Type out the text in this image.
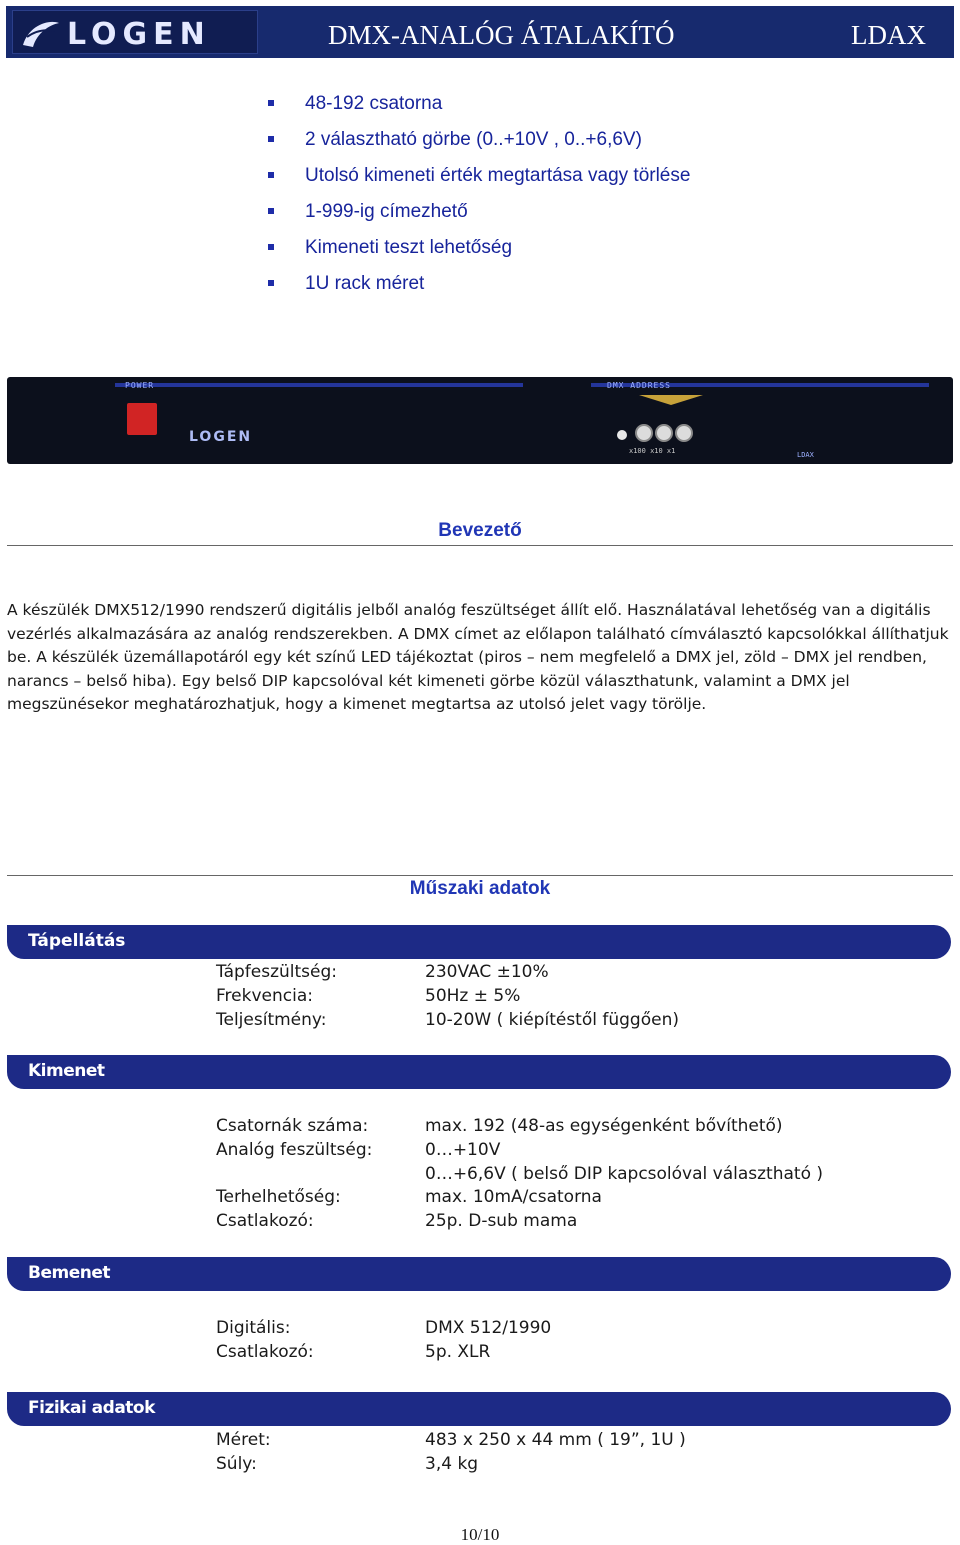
LOGEN	DMX-ANALÓG ÁTALAKÍTÓ	LDAX
48-192 csatorna
2 választható görbe (0..+10V , 0..+6,6V)
Utolsó kimeneti érték megtartása vagy törlése
1-999-ig címezhető
Kimeneti teszt lehetőség
1U rack méret
POWER	DMX ADDRESS
LOGEN
x100 x10 x1	LDAX
Bevezető

A készülék DMX512/1990 rendszerű digitális jelből analóg feszültséget állít elő. Használatával lehetőség van a digitális vezérlés alkalmazására az analóg rendszerekben. A DMX címet az előlapon található címválasztó kapcsolókkal állíthatjuk be. A készülék üzemállapotáról egy két színű LED tájékoztat (piros – nem megfelelő a DMX jel, zöld – DMX jel rendben, narancs – belső hiba). Egy belső DIP kapcsolóval két kimeneti görbe közül választhatunk, valamint a DMX jel megszünésekor meghatározhatjuk, hogy a kimenet megtartsa az utolsó jelet vagy törölje.

Műszaki adatok
Tápellátás
Tápfeszültség:	230VAC ±10%
Frekvencia:	50Hz ± 5%
Teljesítmény:	10-20W ( kiépítéstől függően)
Kimenet
Csatornák száma:	max. 192 (48-as egységenként bővíthető)
Analóg feszültség:	0…+10V
0…+6,6V ( belső DIP kapcsolóval választható )
Terhelhetőség:	max. 10mA/csatorna
Csatlakozó:	25p. D-sub mama
Bemenet
Digitális:	DMX 512/1990
Csatlakozó:	5p. XLR
Fizikai adatok
Méret:	483 x 250 x 44 mm ( 19”, 1U )
Súly:	3,4 kg
10/10
